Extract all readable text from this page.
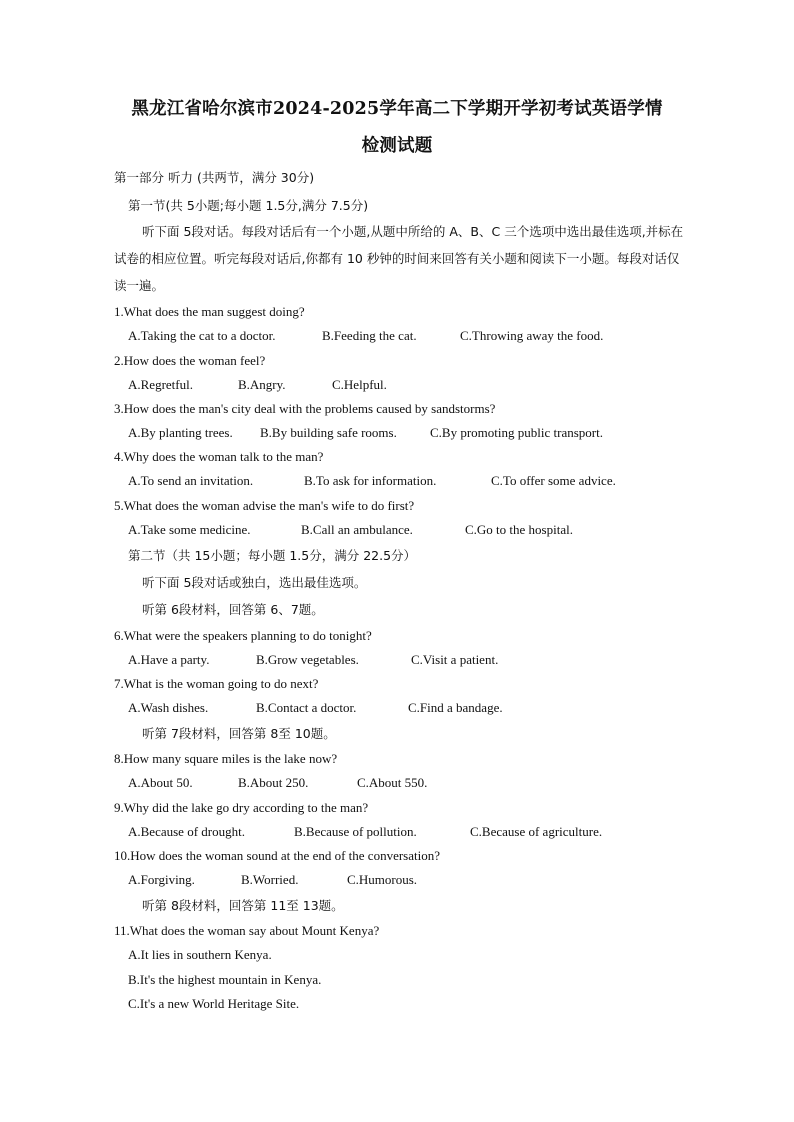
黑龙江省哈尔滨市2024-2025学年高二下学期开学初考试英语学情
检测试题
第一部分 听力 (共两节，满分 30分)
第一节(共 5小题;每小题 1.5分,满分 7.5分)
听下面 5段对话。每段对话后有一个小题,从题中所给的 A、B、C 三个选项中选出最佳选项,并标在试卷的相应位置。听完每段对话后,你都有 10 秒钟的时间来回答有关小题和阅读下一小题。每段对话仅读一遍。
1.What does the man suggest doing?
A.Taking the cat to a doctor.	B.Feeding the cat.	C.Throwing away the food.
2.How does the woman feel?
A.Regretful.	B.Angry.	C.Helpful.
3.How does the man's city deal with the problems caused by sandstorms?
A.By planting trees. B.By building safe rooms.	C.By promoting public transport.
4.Why does the woman talk to the man?
A.To send an invitation.	B.To ask for information.	C.To offer some advice.
5.What does the woman advise the man's wife to do first?
A.Take some medicine.	B.Call an ambulance.	C.Go to the hospital.
第二节（共 15小题；每小题 1.5分，满分 22.5分）
听下面 5段对话或独白，选出最佳选项。
听第 6段材料，回答第 6、7题。
6.What were the speakers planning to do tonight?
A.Have a party.	B.Grow vegetables.	C.Visit a patient.
7.What is the woman going to do next?
A.Wash dishes.	B.Contact a doctor.	C.Find a bandage.
听第 7段材料，回答第 8至 10题。
8.How many square miles is the lake now?
A.About 50.	B.About 250.	C.About 550.
9.Why did the lake go dry according to the man?
A.Because of drought.	B.Because of pollution.	C.Because of agriculture.
10.How does the woman sound at the end of the conversation?
A.Forgiving.	B.Worried.	C.Humorous.
听第 8段材料，回答第 11至 13题。
11.What does the woman say about Mount Kenya?
A.It lies in southern Kenya.
B.It's the highest mountain in Kenya.
C.It's a new World Heritage Site.
